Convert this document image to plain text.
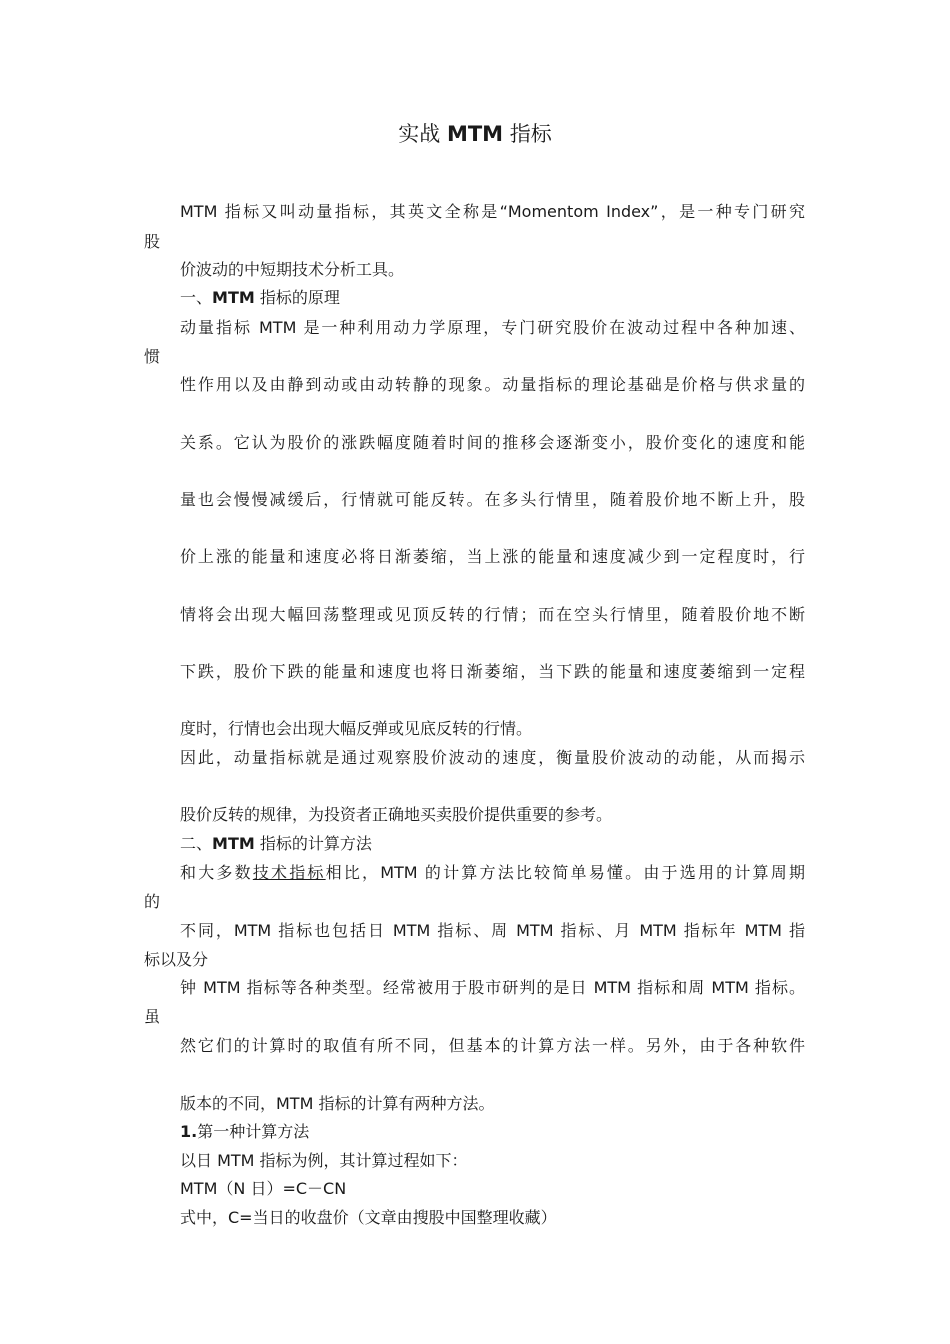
实战 MTM 指标
MTM 指标又叫动量指标，其英文全称是“Momentom Index”，是一种专门研究
股
价波动的中短期技术分析工具。
一、MTM 指标的原理
动量指标 MTM 是一种利用动力学原理，专门研究股价在波动过程中各种加速、
惯
性作用以及由静到动或由动转静的现象。动量指标的理论基础是价格与供求量的
关系。它认为股价的涨跌幅度随着时间的推移会逐渐变小，股价变化的速度和能
量也会慢慢减缓后，行情就可能反转。在多头行情里，随着股价地不断上升，股
价上涨的能量和速度必将日渐萎缩，当上涨的能量和速度减少到一定程度时，行
情将会出现大幅回荡整理或见顶反转的行情；而在空头行情里，随着股价地不断
下跌，股价下跌的能量和速度也将日渐萎缩，当下跌的能量和速度萎缩到一定程
度时，行情也会出现大幅反弹或见底反转的行情。
因此，动量指标就是通过观察股价波动的速度，衡量股价波动的动能，从而揭示
股价反转的规律，为投资者正确地买卖股价提供重要的参考。
二、MTM 指标的计算方法
和大多数技术指标相比，MTM 的计算方法比较简单易懂。由于选用的计算周期
的
不同，MTM 指标也包括日 MTM 指标、周 MTM 指标、月 MTM 指标年 MTM 指
标以及分
钟 MTM 指标等各种类型。经常被用于股市研判的是日 MTM 指标和周 MTM 指标。
虽
然它们的计算时的取值有所不同，但基本的计算方法一样。另外，由于各种软件
版本的不同，MTM 指标的计算有两种方法。
1.第一种计算方法
以日 MTM 指标为例，其计算过程如下：
MTM（N 日）=C－CN
式中，C=当日的收盘价（文章由搜股中国整理收藏）
